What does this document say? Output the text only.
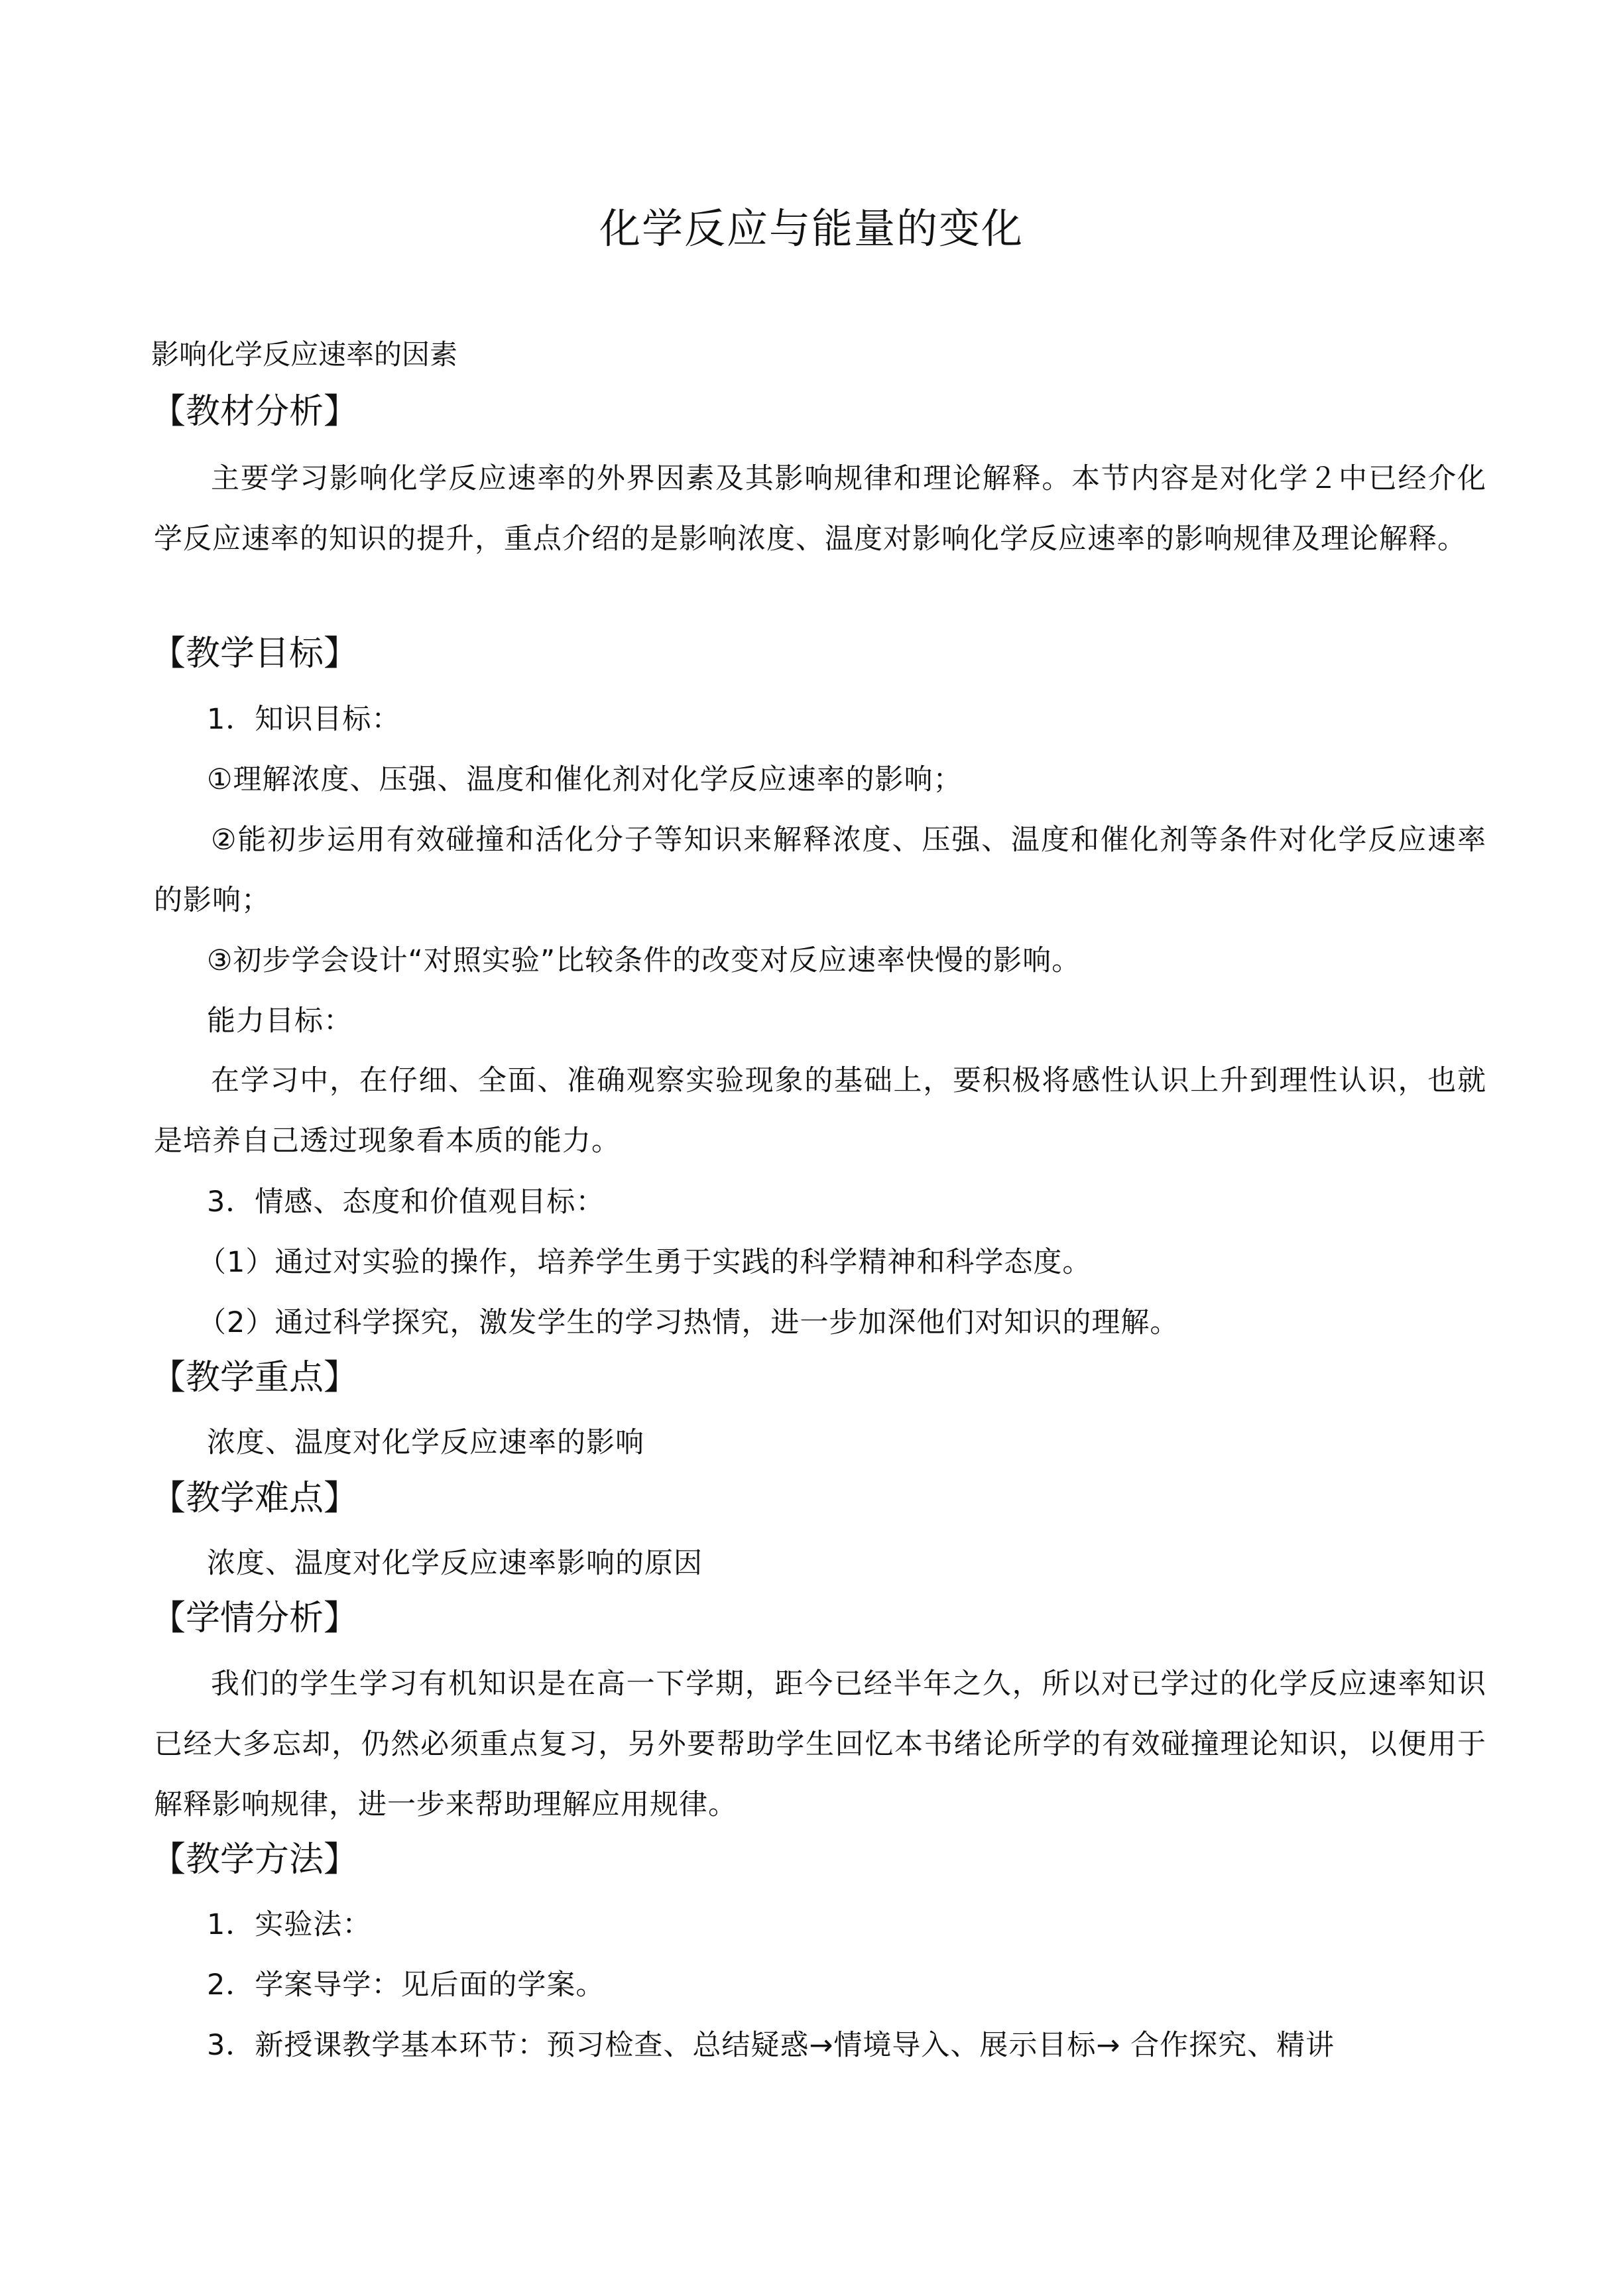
化学反应与能量的变化
影响化学反应速率的因素
【教材分析】
主要学习影响化学反应速率的外界因素及其影响规律和理论解释。本节内容是对化学２中已经介化学反应速率的知识的提升，重点介绍的是影响浓度、温度对影响化学反应速率的影响规律及理论解释。
【教学目标】
1．知识目标：
①理解浓度、压强、温度和催化剂对化学反应速率的影响；
②能初步运用有效碰撞和活化分子等知识来解释浓度、压强、温度和催化剂等条件对化学反应速率的影响；
③初步学会设计“对照实验”比较条件的改变对反应速率快慢的影响。
能力目标：
在学习中，在仔细、全面、准确观察实验现象的基础上，要积极将感性认识上升到理性认识，也就是培养自己透过现象看本质的能力。
3．情感、态度和价值观目标：
（1）通过对实验的操作，培养学生勇于实践的科学精神和科学态度。
（2）通过科学探究，激发学生的学习热情，进一步加深他们对知识的理解。
【教学重点】
浓度、温度对化学反应速率的影响
【教学难点】
浓度、温度对化学反应速率影响的原因
【学情分析】
我们的学生学习有机知识是在高一下学期，距今已经半年之久，所以对已学过的化学反应速率知识已经大多忘却，仍然必须重点复习，另外要帮助学生回忆本书绪论所学的有效碰撞理论知识，以便用于解释影响规律，进一步来帮助理解应用规律。
【教学方法】
1．实验法：
2．学案导学：见后面的学案。
3．新授课教学基本环节：预习检查、总结疑惑→情境导入、展示目标→ 合作探究、精讲
